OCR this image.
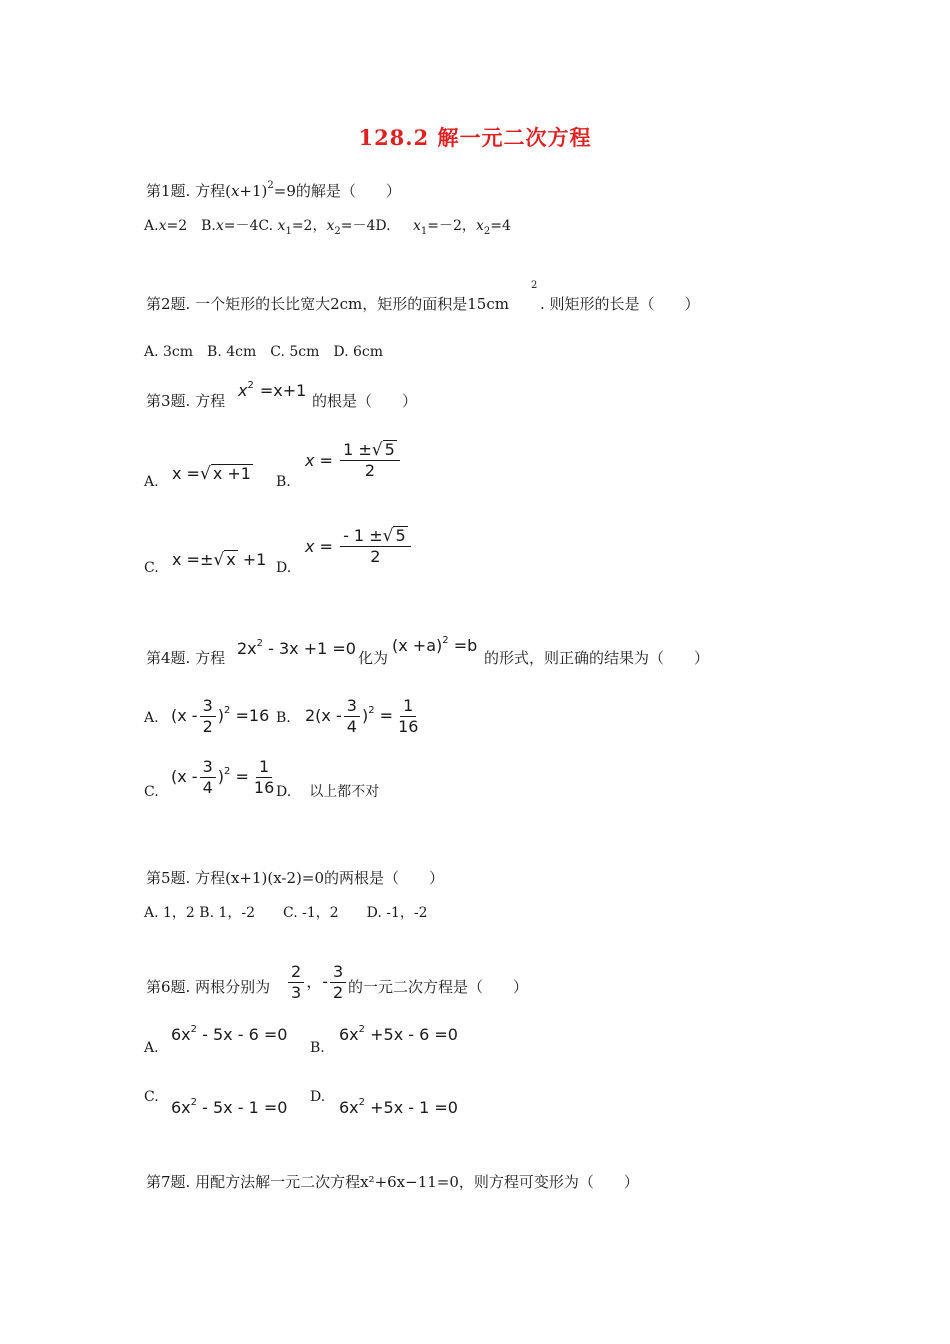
128.2 解一元二次方程
第1题. 方程$(x+1)^2=9$的解是（　　）
A.x=2　B.x=－4C. $x_1=2$，$x_2=-4D$. $x_1=-2$，$x_2=4$
第2题. 一个矩形的长比宽大2cm，矩形的面积是15cm
2
. 则矩形的长是（　　）
A. 3cm　B. 4cm　C. 5cm　D. 6cm
第3题. 方程
$x^2 =x+1$
的根是（　　）
A. x =√ x +1 B.
$x = \frac{1 \pm√ 5}{2}$
C. x =±√ x +1 D.
$x = \frac{- 1 \pm√ 5}{2}$
第4题. 方程 $2x^2 - 3x +1 =0$ 化为
$(x +a)^2 =b$
的形式，则正确的结果为（　　）
A. $(x - \frac{3}{2} )^2 =16$ B. $2(x - \frac{3}{4} )^2 = \frac{1}{16}$
C.
$(x - \frac{3}{4} )^2 = \frac{1}{16}$
D. 以上都不对
第5题. 方程(x+1)(x-2)=0的两根是（　　）
A. 1，2 B. 1，-2　　C. -1，2　　D. -1，-2
第6题. 两根分别为 $\frac{2}{3}$ ，- $\frac{3}{2}$ 的一元二次方程是（　　）
A.
$6x^2 - 5x - 6 =0$
B.
$6x^2 +5x - 6 =0$
C.
$6x^2 - 5x - 1 =0$
D.
$6x^2 +5x - 1 =0$
第7题. 用配方法解一元二次方程x²+6x−11=0，则方程可变形为（　　）
